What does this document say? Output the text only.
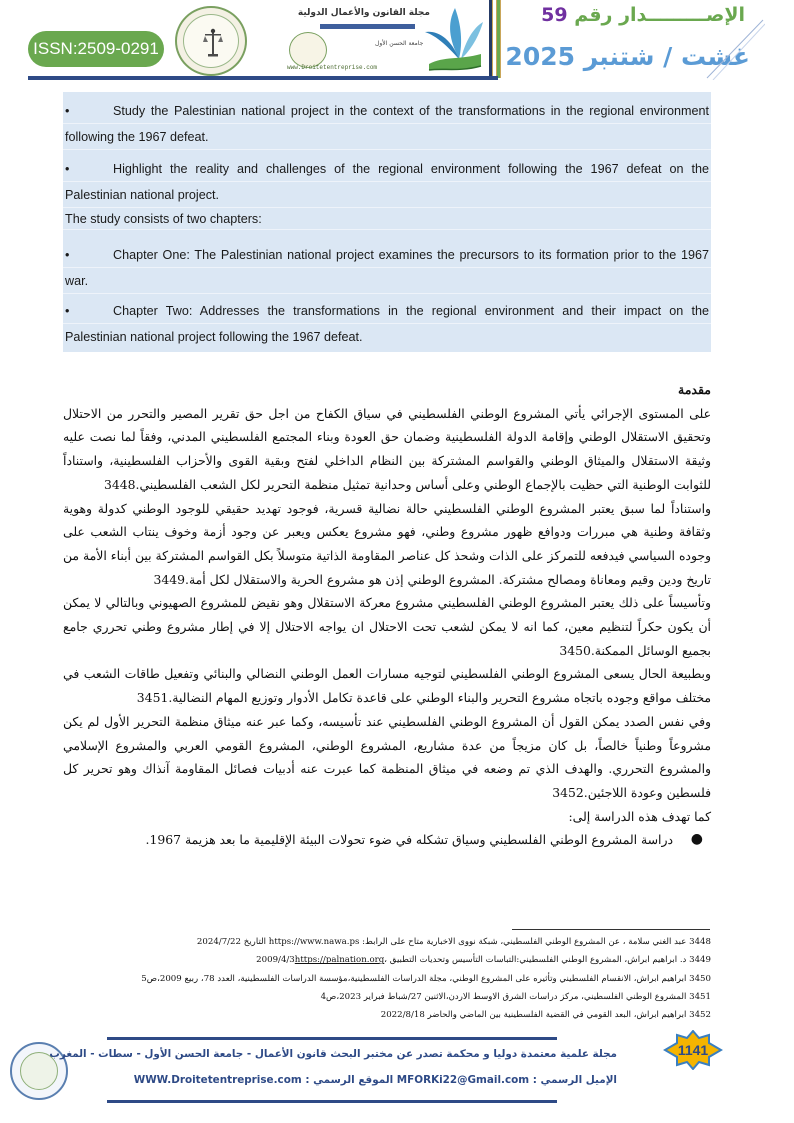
ISSN:2509-0291
مجلة القانون والأعمال الدولية
جامعة الحسن الأول
www.Droitetentreprise.com
الإصـــــــــدار رقم 59
غشت / شتنبر 2025
•	Study the Palestinian national project in the context of the transformations in the regional environment
following the 1967 defeat.
•	Highlight the reality and challenges of the regional environment following the 1967 defeat on the
Palestinian national project.
The study consists of two chapters:
•	Chapter One: The Palestinian national project examines the precursors to its formation prior to the 1967
war.
•	Chapter Two: Addresses the transformations in the regional environment and their impact on the
Palestinian national project following the 1967 defeat.
مقدمة

على المستوى الإجرائي يأتي المشروع الوطني الفلسطيني في سياق الكفاح من اجل حق تقرير المصير والتحرر من الاحتلال وتحقيق الاستقلال الوطني وإقامة الدولة الفلسطينية وضمان حق العودة وبناء المجتمع الفلسطيني المدني، وفقاً لما نصت عليه وثيقة الاستقلال والميثاق الوطني والقواسم المشتركة بين النظام الداخلي لفتح وبقية القوى والأحزاب الفلسطينية، واستناداً للثوابت الوطنية التي حظيت بالإجماع الوطني وعلى أساس وحدانية تمثيل منظمة التحرير لكل الشعب الفلسطيني.3448

واستناداً لما سبق يعتبر المشروع الوطني الفلسطيني حالة نضالية قسرية، فوجود تهديد حقيقي للوجود الوطني كدولة وهوية وثقافة وطنية هي مبررات ودوافع ظهور مشروع وطني، فهو مشروع يعكس ويعبر عن وجود أزمة وخوف ينتاب الشعب على وجوده السياسي فيدفعه للتمركز على الذات وشحذ كل عناصر المقاومة الذاتية متوسلاً بكل القواسم المشتركة بين أبناء الأمة من تاريخ ودين وقيم ومعاناة ومصالح مشتركة. المشروع الوطني إذن هو مشروع الحرية والاستقلال لكل أمة.3449

وتأسيساً على ذلك يعتبر المشروع الوطني الفلسطيني مشروع معركة الاستقلال وهو نقيض للمشروع الصهيوني وبالتالي لا يمكن أن يكون حكراً لتنظيم معين، كما انه لا يمكن لشعب تحت الاحتلال ان يواجه الاحتلال إلا في إطار مشروع وطني تحرري جامع بجميع الوسائل الممكنة.3450

وبطبيعة الحال يسعى المشروع الوطني الفلسطيني لتوجيه مسارات العمل الوطني النضالي والبنائي وتفعيل طاقات الشعب في مختلف مواقع وجوده باتجاه مشروع التحرير والبناء الوطني على قاعدة تكامل الأدوار وتوزيع المهام النضالية.3451

وفي نفس الصدد يمكن القول أن المشروع الوطني الفلسطيني عند تأسيسه، وكما عبر عنه ميثاق منظمة التحرير الأول لم يكن مشروعاً وطنياً خالصاً، بل كان مزيجاً من عدة مشاريع، المشروع الوطني، المشروع القومي العربي والمشروع الإسلامي والمشروع التحرري. والهدف الذي تم وضعه في ميثاق المنظمة كما عبرت عنه أدبيات فصائل المقاومة آنذاك وهو تحرير كل فلسطين وعودة اللاجئين.3452

كما تهدف هذه الدراسة إلى:

●
دراسة المشروع الوطني الفلسطيني وسياق تشكله في ضوء تحولات البيئة الإقليمية ما بعد هزيمة 1967.
3448 عبد الغني سلامة ، عن المشروع الوطني الفلسطيني، شبكة نووى الاخبارية متاح على الرابط: https://www.nawa.ps التاريخ 2024/7/22
3449 د. ابراهيم ابراش، المشروع الوطني الفلسطيني:التباسات التأسيس وتحديات التطبيق ،2009/4/3https://palnation.org
3450 ابراهيم ابراش، الانقسام الفلسطيني وتأثيره على المشروع الوطني، مجلة الدراسات الفلسطينية،مؤسسة الدراسات الفلسطينية، العدد 78، ربيع 2009،ص5
3451 المشروع الوطني الفلسطيني، مركز دراسات الشرق الاوسط الاردن،الاثنين 27/شباط فبراير 2023،ص4
3452 ابراهيم ابراش، البعد القومي في القضية الفلسطينية بين الماضي والحاضر 2022/8/18
مجلة علمية معتمدة دوليا و محكمة تصدر عن مختبر البحث قانون الأعمال - جامعة الحسن الأول - سطات - المغرب
الإميل الرسمي : MFORKi22@Gmail.com الموقع الرسمي : WWW.Droitetentreprise.com
1141
